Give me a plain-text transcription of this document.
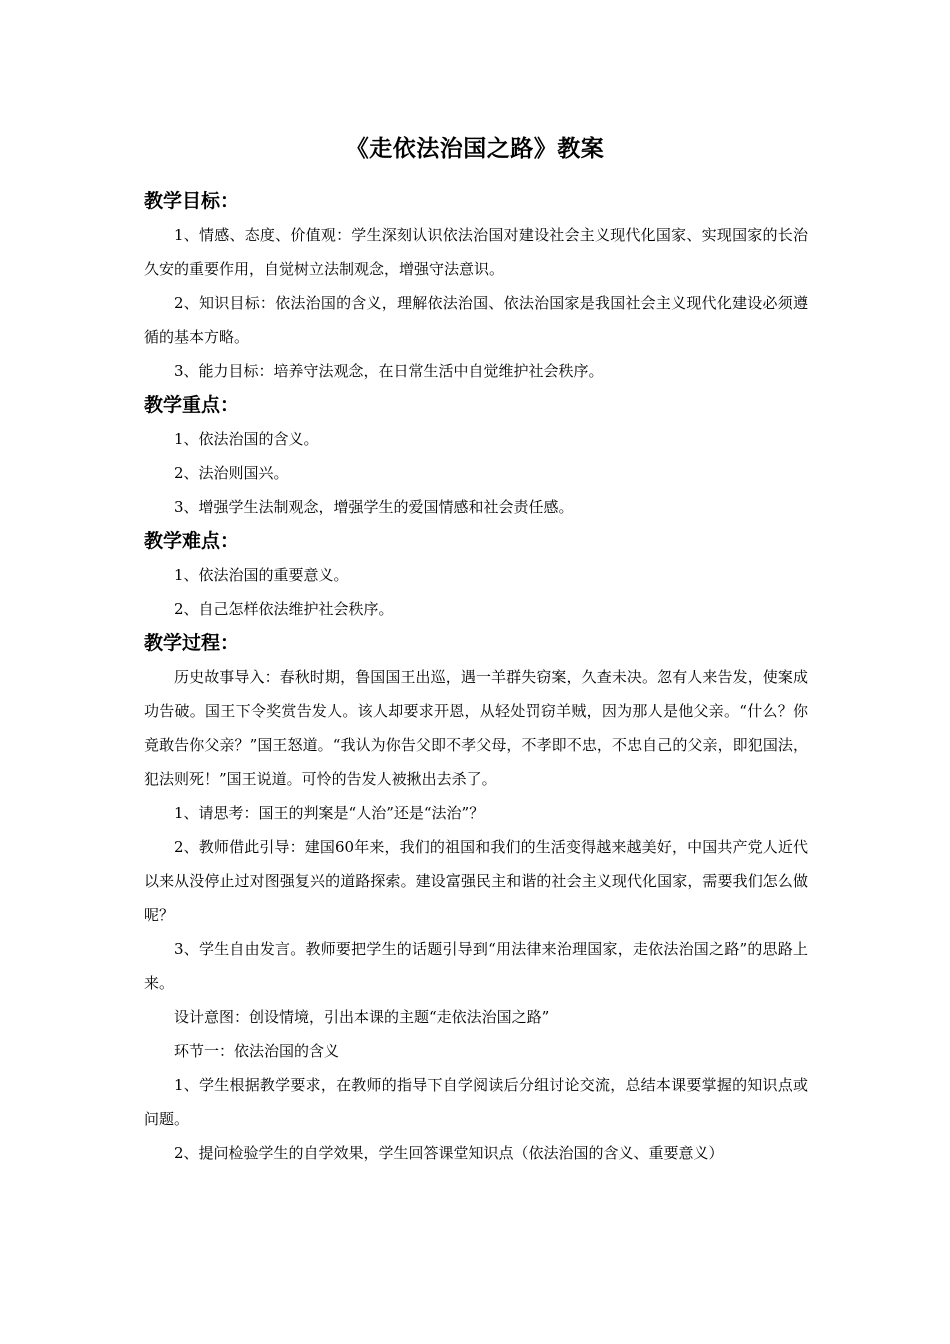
《走依法治国之路》教案
教学目标：

1、情感、态度、价值观：学生深刻认识依法治国对建设社会主义现代化国家、实现国家的长治久安的重要作用，自觉树立法制观念，增强守法意识。

2、知识目标：依法治国的含义，理解依法治国、依法治国家是我国社会主义现代化建设必须遵循的基本方略。

3、能力目标：培养守法观念，在日常生活中自觉维护社会秩序。

教学重点：

1、依法治国的含义。

2、法治则国兴。

3、增强学生法制观念，增强学生的爱国情感和社会责任感。

教学难点：

1、依法治国的重要意义。

2、自己怎样依法维护社会秩序。

教学过程：

历史故事导入：春秋时期，鲁国国王出巡，遇一羊群失窃案，久查未决。忽有人来告发，使案成功告破。国王下令奖赏告发人。该人却要求开恩，从轻处罚窃羊贼，因为那人是他父亲。“什么？你竟敢告你父亲？”国王怒道。“我认为你告父即不孝父母，不孝即不忠，不忠自己的父亲，即犯国法，犯法则死！”国王说道。可怜的告发人被揪出去杀了。

1、请思考：国王的判案是“人治”还是“法治”？

2、教师借此引导：建国60年来，我们的祖国和我们的生活变得越来越美好，中国共产党人近代以来从没停止过对图强复兴的道路探索。建设富强民主和谐的社会主义现代化国家，需要我们怎么做呢？

3、学生自由发言。教师要把学生的话题引导到“用法律来治理国家，走依法治国之路”的思路上来。

设计意图：创设情境，引出本课的主题“走依法治国之路”

环节一：依法治国的含义

1、学生根据教学要求，在教师的指导下自学阅读后分组讨论交流，总结本课要掌握的知识点或问题。

2、提问检验学生的自学效果，学生回答课堂知识点（依法治国的含义、重要意义）
